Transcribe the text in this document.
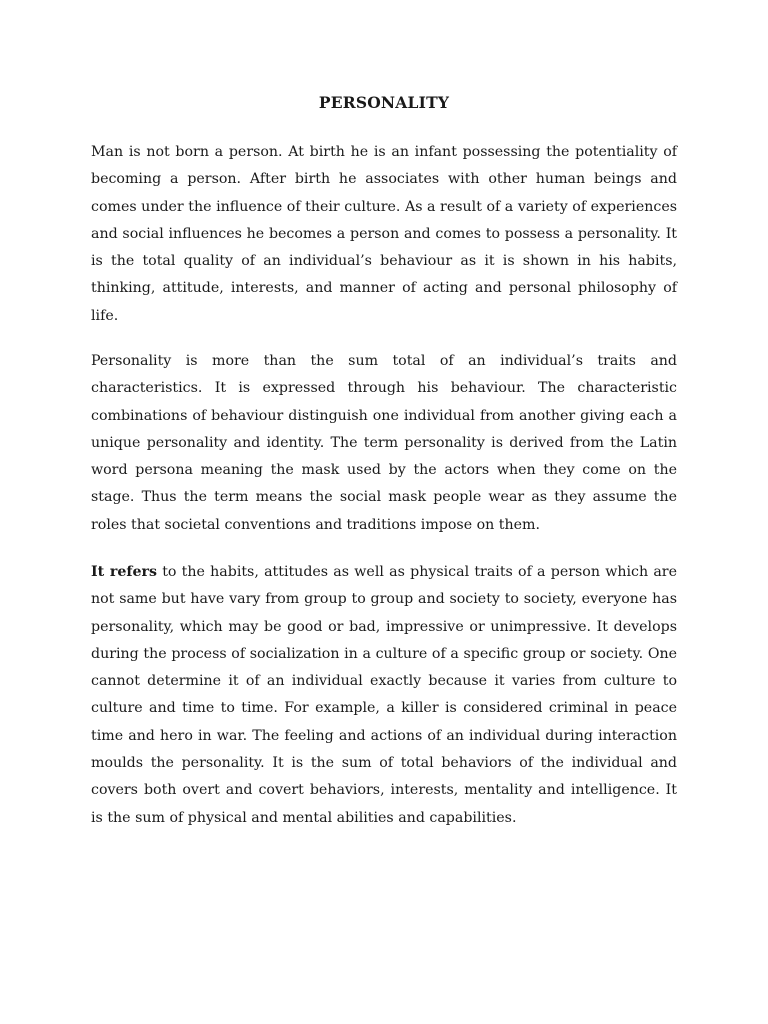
PERSONALITY

Man is not born a person. At birth he is an infant possessing the potentiality of becoming a person. After birth he associates with other human beings and comes under the influence of their culture. As a result of a variety of experiences and social influences he becomes a person and comes to possess a personality. It is the total quality of an individual’s behaviour as it is shown in his habits, thinking, attitude, interests, and manner of acting and personal philosophy of life.

Personality is more than the sum total of an individual’s traits and characteristics. It is expressed through his behaviour. The characteristic combinations of behaviour distinguish one individual from another giving each a unique personality and identity. The term personality is derived from the Latin word persona meaning the mask used by the actors when they come on the stage. Thus the term means the social mask people wear as they assume the roles that societal conventions and traditions impose on them.

It refers to the habits, attitudes as well as physical traits of a person which are not same but have vary from group to group and society to society, everyone has personality, which may be good or bad, impressive or unimpressive. It develops during the process of socialization in a culture of a specific group or society. One cannot determine it of an individual exactly because it varies from culture to culture and time to time. For example, a killer is considered criminal in peace time and hero in war. The feeling and actions of an individual during interaction moulds the personality. It is the sum of total behaviors of the individual and covers both overt and covert behaviors, interests, mentality and intelligence. It is the sum of physical and mental abilities and capabilities.
